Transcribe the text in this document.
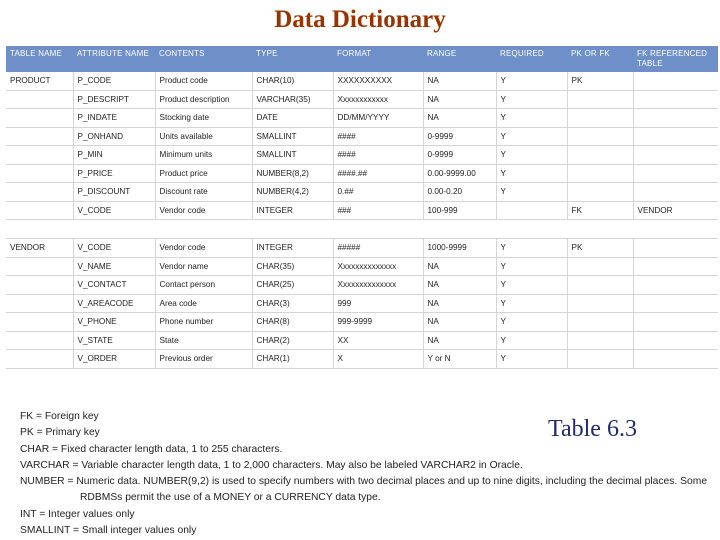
Data Dictionary
TABLE NAME	ATTRIBUTE NAME	CONTENTS	TYPE	FORMAT	RANGE	REQUIRED	PK OR FK	FK REFERENCED TABLE
PRODUCT	P_CODE	Product code	CHAR(10)	XXXXXXXXXX	NA	Y	PK	
	P_DESCRIPT	Product description	VARCHAR(35)	Xxxxxxxxxxxx	NA	Y		
	P_INDATE	Stocking date	DATE	DD/MM/YYYY	NA	Y		
	P_ONHAND	Units available	SMALLINT	####	0-9999	Y		
	P_MIN	Minimum units	SMALLINT	####	0-9999	Y		
	P_PRICE	Product price	NUMBER(8,2)	####.##	0.00-9999.00	Y		
	P_DISCOUNT	Discount rate	NUMBER(4,2)	0.##	0.00-0.20	Y		
	V_CODE	Vendor code	INTEGER	###	100-999		FK	VENDOR

VENDOR	V_CODE	Vendor code	INTEGER	#####	1000-9999	Y	PK	
	V_NAME	Vendor name	CHAR(35)	Xxxxxxxxxxxxxx	NA	Y		
	V_CONTACT	Contact person	CHAR(25)	Xxxxxxxxxxxxxx	NA	Y		
	V_AREACODE	Area code	CHAR(3)	999	NA	Y		
	V_PHONE	Phone number	CHAR(8)	999-9999	NA	Y		
	V_STATE	State	CHAR(2)	XX	NA	Y		
	V_ORDER	Previous order	CHAR(1)	X	Y or N	Y		
Table 6.3
FK = Foreign key
PK = Primary key
CHAR = Fixed character length data, 1 to 255 characters.
VARCHAR = Variable character length data, 1 to 2,000 characters. May also be labeled VARCHAR2 in Oracle.
NUMBER = Numeric data. NUMBER(9,2) is used to specify numbers with two decimal places and up to nine digits, including the decimal places. Some
RDBMSs permit the use of a MONEY or a CURRENCY data type.
INT = Integer values only
SMALLINT = Small integer values only
